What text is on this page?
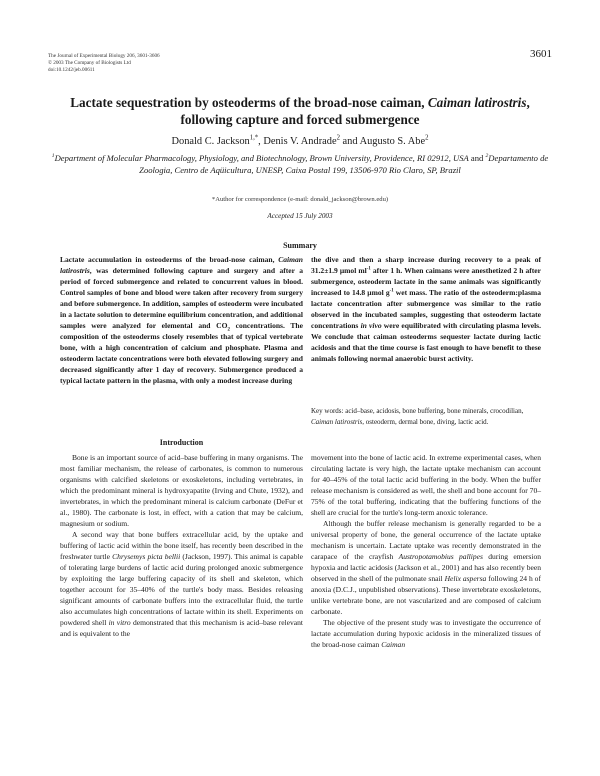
The Journal of Experimental Biology 206, 3601-3606
© 2003 The Company of Biologists Ltd
doi:10.1242/jeb.00611
3601
Lactate sequestration by osteoderms of the broad-nose caiman, Caiman latirostris, following capture and forced submergence
Donald C. Jackson$^{1,*}$, Denis V. Andrade$^2$ and Augusto S. Abe$^2$
$^1$Department of Molecular Pharmacology, Physiology, and Biotechnology, Brown University, Providence, RI 02912, USA and $^2$Departamento de Zoologia, Centro de Aqüicultura, UNESP, Caixa Postal 199, 13506-970 Rio Claro, SP, Brazil
*Author for correspondence (e-mail: donald_jackson@brown.edu)
Accepted 15 July 2003
Summary
Lactate accumulation in osteoderms of the broad-nose caiman, Caiman latirostris, was determined following capture and surgery and after a period of forced submergence and related to concurrent values in blood. Control samples of bone and blood were taken after recovery from surgery and before submergence. In addition, samples of osteoderm were incubated in a lactate solution to determine equilibrium concentration, and additional samples were analyzed for elemental and $CO_2$ concentrations. The composition of the osteoderms closely resembles that of typical vertebrate bone, with a high concentration of calcium and phosphate. Plasma and osteoderm lactate concentrations were both elevated following surgery and decreased significantly after 1 day of recovery. Submergence produced a typical lactate pattern in the plasma, with only a modest increase during
the dive and then a sharp increase during recovery to a peak of 31.2±1.9 μmol $ml^{-1}$ after 1 h. When caimans were anesthetized 2 h after submergence, osteoderm lactate in the same animals was significantly increased to 14.8 μmol $g^{-1}$ wet mass. The ratio of the osteoderm:plasma lactate concentration after submergence was similar to the ratio observed in the incubated samples, suggesting that osteoderm lactate concentrations in vivo were equilibrated with circulating plasma levels. We conclude that caiman osteoderms sequester lactate during lactic acidosis and that the time course is fast enough to have benefit to these animals following normal anaerobic burst activity.
Key words: acid–base, acidosis, bone buffering, bone minerals, crocodilian, Caiman latirostris, osteoderm, dermal bone, diving, lactic acid.
Introduction

Bone is an important source of acid–base buffering in many organisms. The most familiar mechanism, the release of carbonates, is common to numerous organisms with calcified skeletons or exoskeletons, including vertebrates, in which the predominant mineral is hydroxyapatite (Irving and Chute, 1932), and invertebrates, in which the predominant mineral is calcium carbonate (DeFur et al., 1980). The carbonate is lost, in effect, with a cation that may be calcium, magnesium or sodium.

A second way that bone buffers extracellular acid, by the uptake and buffering of lactic acid within the bone itself, has recently been described in the freshwater turtle Chrysemys picta bellii (Jackson, 1997). This animal is capable of tolerating large burdens of lactic acid during prolonged anoxic submergence by exploiting the large buffering capacity of its shell and skeleton, which together account for 35–40% of the turtle's body mass. Besides releasing significant amounts of carbonate buffers into the extracellular fluid, the turtle also accumulates high concentrations of lactate within its shell. Experiments on powdered shell in vitro demonstrated that this mechanism is acid–base relevant and is equivalent to the

movement into the bone of lactic acid. In extreme experimental cases, when circulating lactate is very high, the lactate uptake mechanism can account for 40–45% of the total lactic acid buffering in the body. When the buffer release mechanism is considered as well, the shell and bone account for 70–75% of the total buffering, indicating that the buffering functions of the shell are crucial for the turtle's long-term anoxic tolerance.

Although the buffer release mechanism is generally regarded to be a universal property of bone, the general occurrence of the lactate uptake mechanism is uncertain. Lactate uptake was recently demonstrated in the carapace of the crayfish Austropotamobius pallipes during emersion hypoxia and lactic acidosis (Jackson et al., 2001) and has also recently been observed in the shell of the pulmonate snail Helix aspersa following 24 h of anoxia (D.C.J., unpublished observations). These invertebrate exoskeletons, unlike vertebrate bone, are not vascularized and are composed of calcium carbonate.

The objective of the present study was to investigate the occurrence of lactate accumulation during hypoxic acidosis in the mineralized tissues of the broad-nose caiman Caiman
